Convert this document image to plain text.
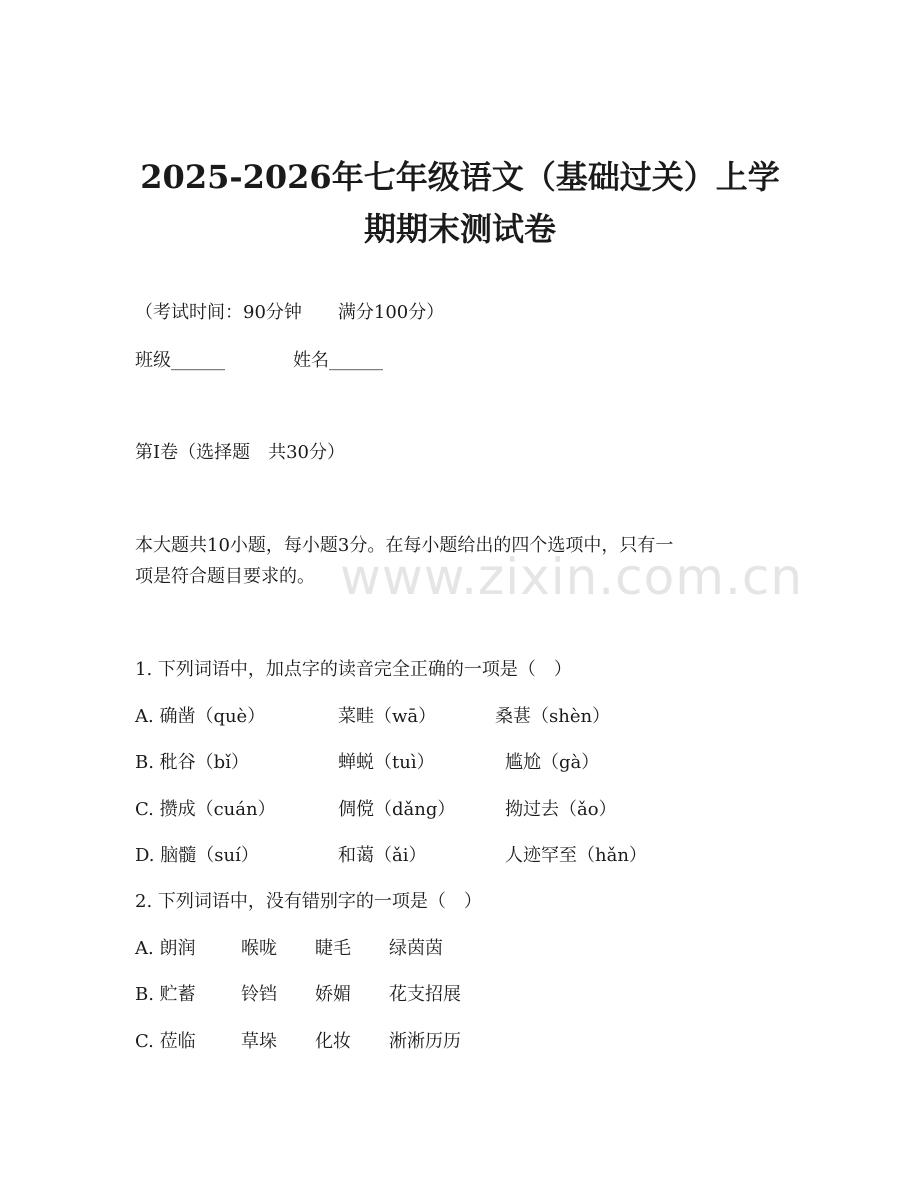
2025-2026年七年级语文（基础过关）上学
期期末测试卷
（考试时间：90分钟　　满分100分）
班级______	姓名______
第I卷（选择题　共30分）
本大题共10小题，每小题3分。在每小题给出的四个选项中，只有一
项是符合题目要求的。 www.zixin.com.cn
1. 下列词语中，加点字的读音完全正确的一项是（　）
A. 确凿（què）	菜畦（wā）	桑葚（shèn）
B. 秕谷（bǐ）	蝉蜕（tuì）	尴尬（gà）
C. 攒成（cuán）	倜傥（dǎng）	拗过去（ǎo）
D. 脑髓（suí）	和蔼（ǎi）	人迹罕至（hǎn）
2. 下列词语中，没有错别字的一项是（　）
A. 朗润	喉咙 睫毛 绿茵茵
B. 贮蓄	铃铛 娇媚 花支招展
C. 莅临	草垛 化妆 淅淅历历
